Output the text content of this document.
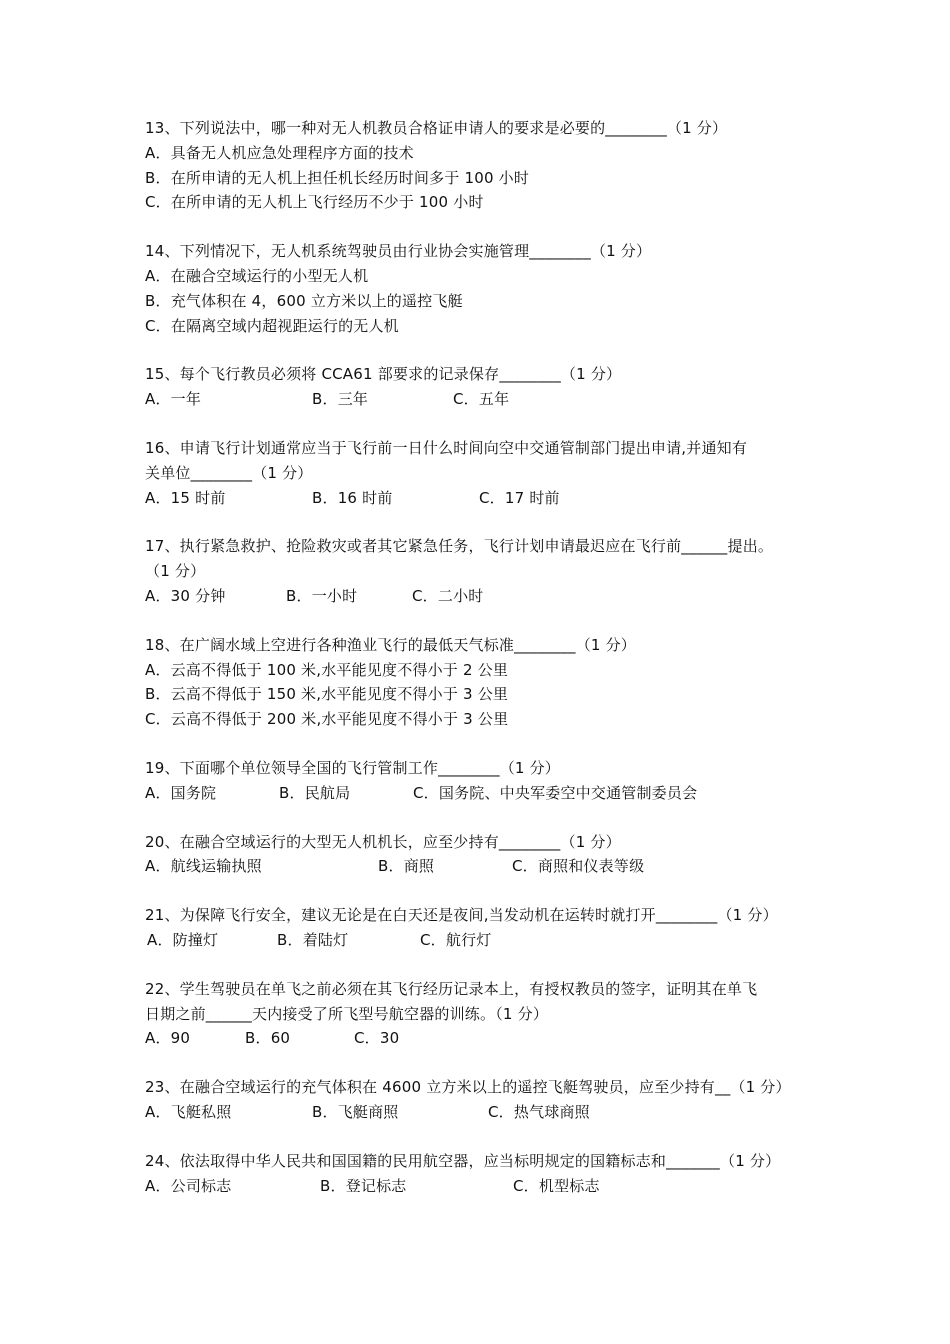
13、下列说法中，哪一种对无人机教员合格证申请人的要求是必要的________（1 分）
A．具备无人机应急处理程序方面的技术
B．在所申请的无人机上担任机长经历时间多于 100 小时
C．在所申请的无人机上飞行经历不少于 100 小时
14、下列情况下，无人机系统驾驶员由行业协会实施管理________（1 分）
A．在融合空域运行的小型无人机
B．充气体积在 4，600 立方米以上的遥控飞艇
C．在隔离空域内超视距运行的无人机
15、每个飞行教员必须将 CCA61 部要求的记录保存________（1 分）
A．一年	B．三年	C．五年
16、申请飞行计划通常应当于飞行前一日什么时间向空中交通管制部门提出申请,并通知有
关单位________（1 分）
A．15 时前	B．16 时前	C．17 时前
17、执行紧急救护、抢险救灾或者其它紧急任务，飞行计划申请最迟应在飞行前______提出。
（1 分）
A．30 分钟	B．一小时	C．二小时
18、在广阔水域上空进行各种渔业飞行的最低天气标准________（1 分）
A．云高不得低于 100 米,水平能见度不得小于 2 公里
B．云高不得低于 150 米,水平能见度不得小于 3 公里
C．云高不得低于 200 米,水平能见度不得小于 3 公里
19、下面哪个单位领导全国的飞行管制工作________（1 分）
A．国务院	B．民航局	C．国务院、中央军委空中交通管制委员会
20、在融合空域运行的大型无人机机长，应至少持有________（1 分）
A．航线运输执照	B．商照	C．商照和仪表等级
21、为保障飞行安全，建议无论是在白天还是夜间,当发动机在运转时就打开________（1 分）
A．防撞灯	B．着陆灯	C．航行灯
22、学生驾驶员在单飞之前必须在其飞行经历记录本上，有授权教员的签字，证明其在单飞
日期之前______天内接受了所飞型号航空器的训练。（1 分）
A．90	B．60	C．30
23、在融合空域运行的充气体积在 4600 立方米以上的遥控飞艇驾驶员，应至少持有__（1 分）
A．飞艇私照	B．飞艇商照	C．热气球商照
24、依法取得中华人民共和国国籍的民用航空器，应当标明规定的国籍标志和_______（1 分）
A．公司标志	B．登记标志	C．机型标志
